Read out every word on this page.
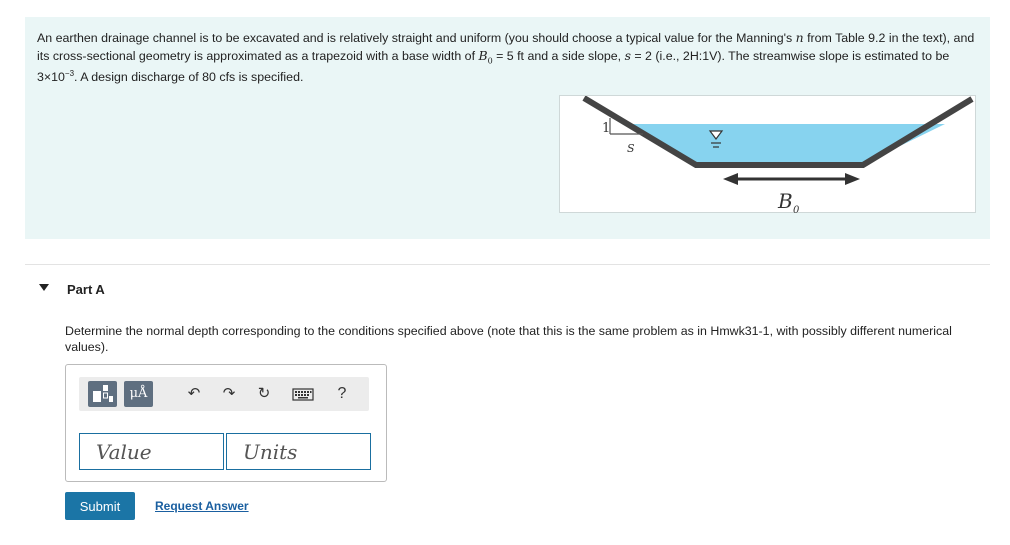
An earthen drainage channel is to be excavated and is relatively straight and uniform (you should choose a typical value for the Manning's n from Table 9.2 in the text), and its cross-sectional geometry is approximated as a trapezoid with a base width of $B_0 = 5$ ft and a side slope, s = 2 (i.e., 2H:1V). The streamwise slope is estimated to be $3\times 10^{-3}$. A design discharge of 80 cfs is specified.
1
S
B 0
Part A
Determine the normal depth corresponding to the conditions specified above (note that this is the same problem as in Hmwk31-1, with possibly different numerical values).
μÅ	↶ ↷ ↻	?
Value
Units
Submit	Request Answer
